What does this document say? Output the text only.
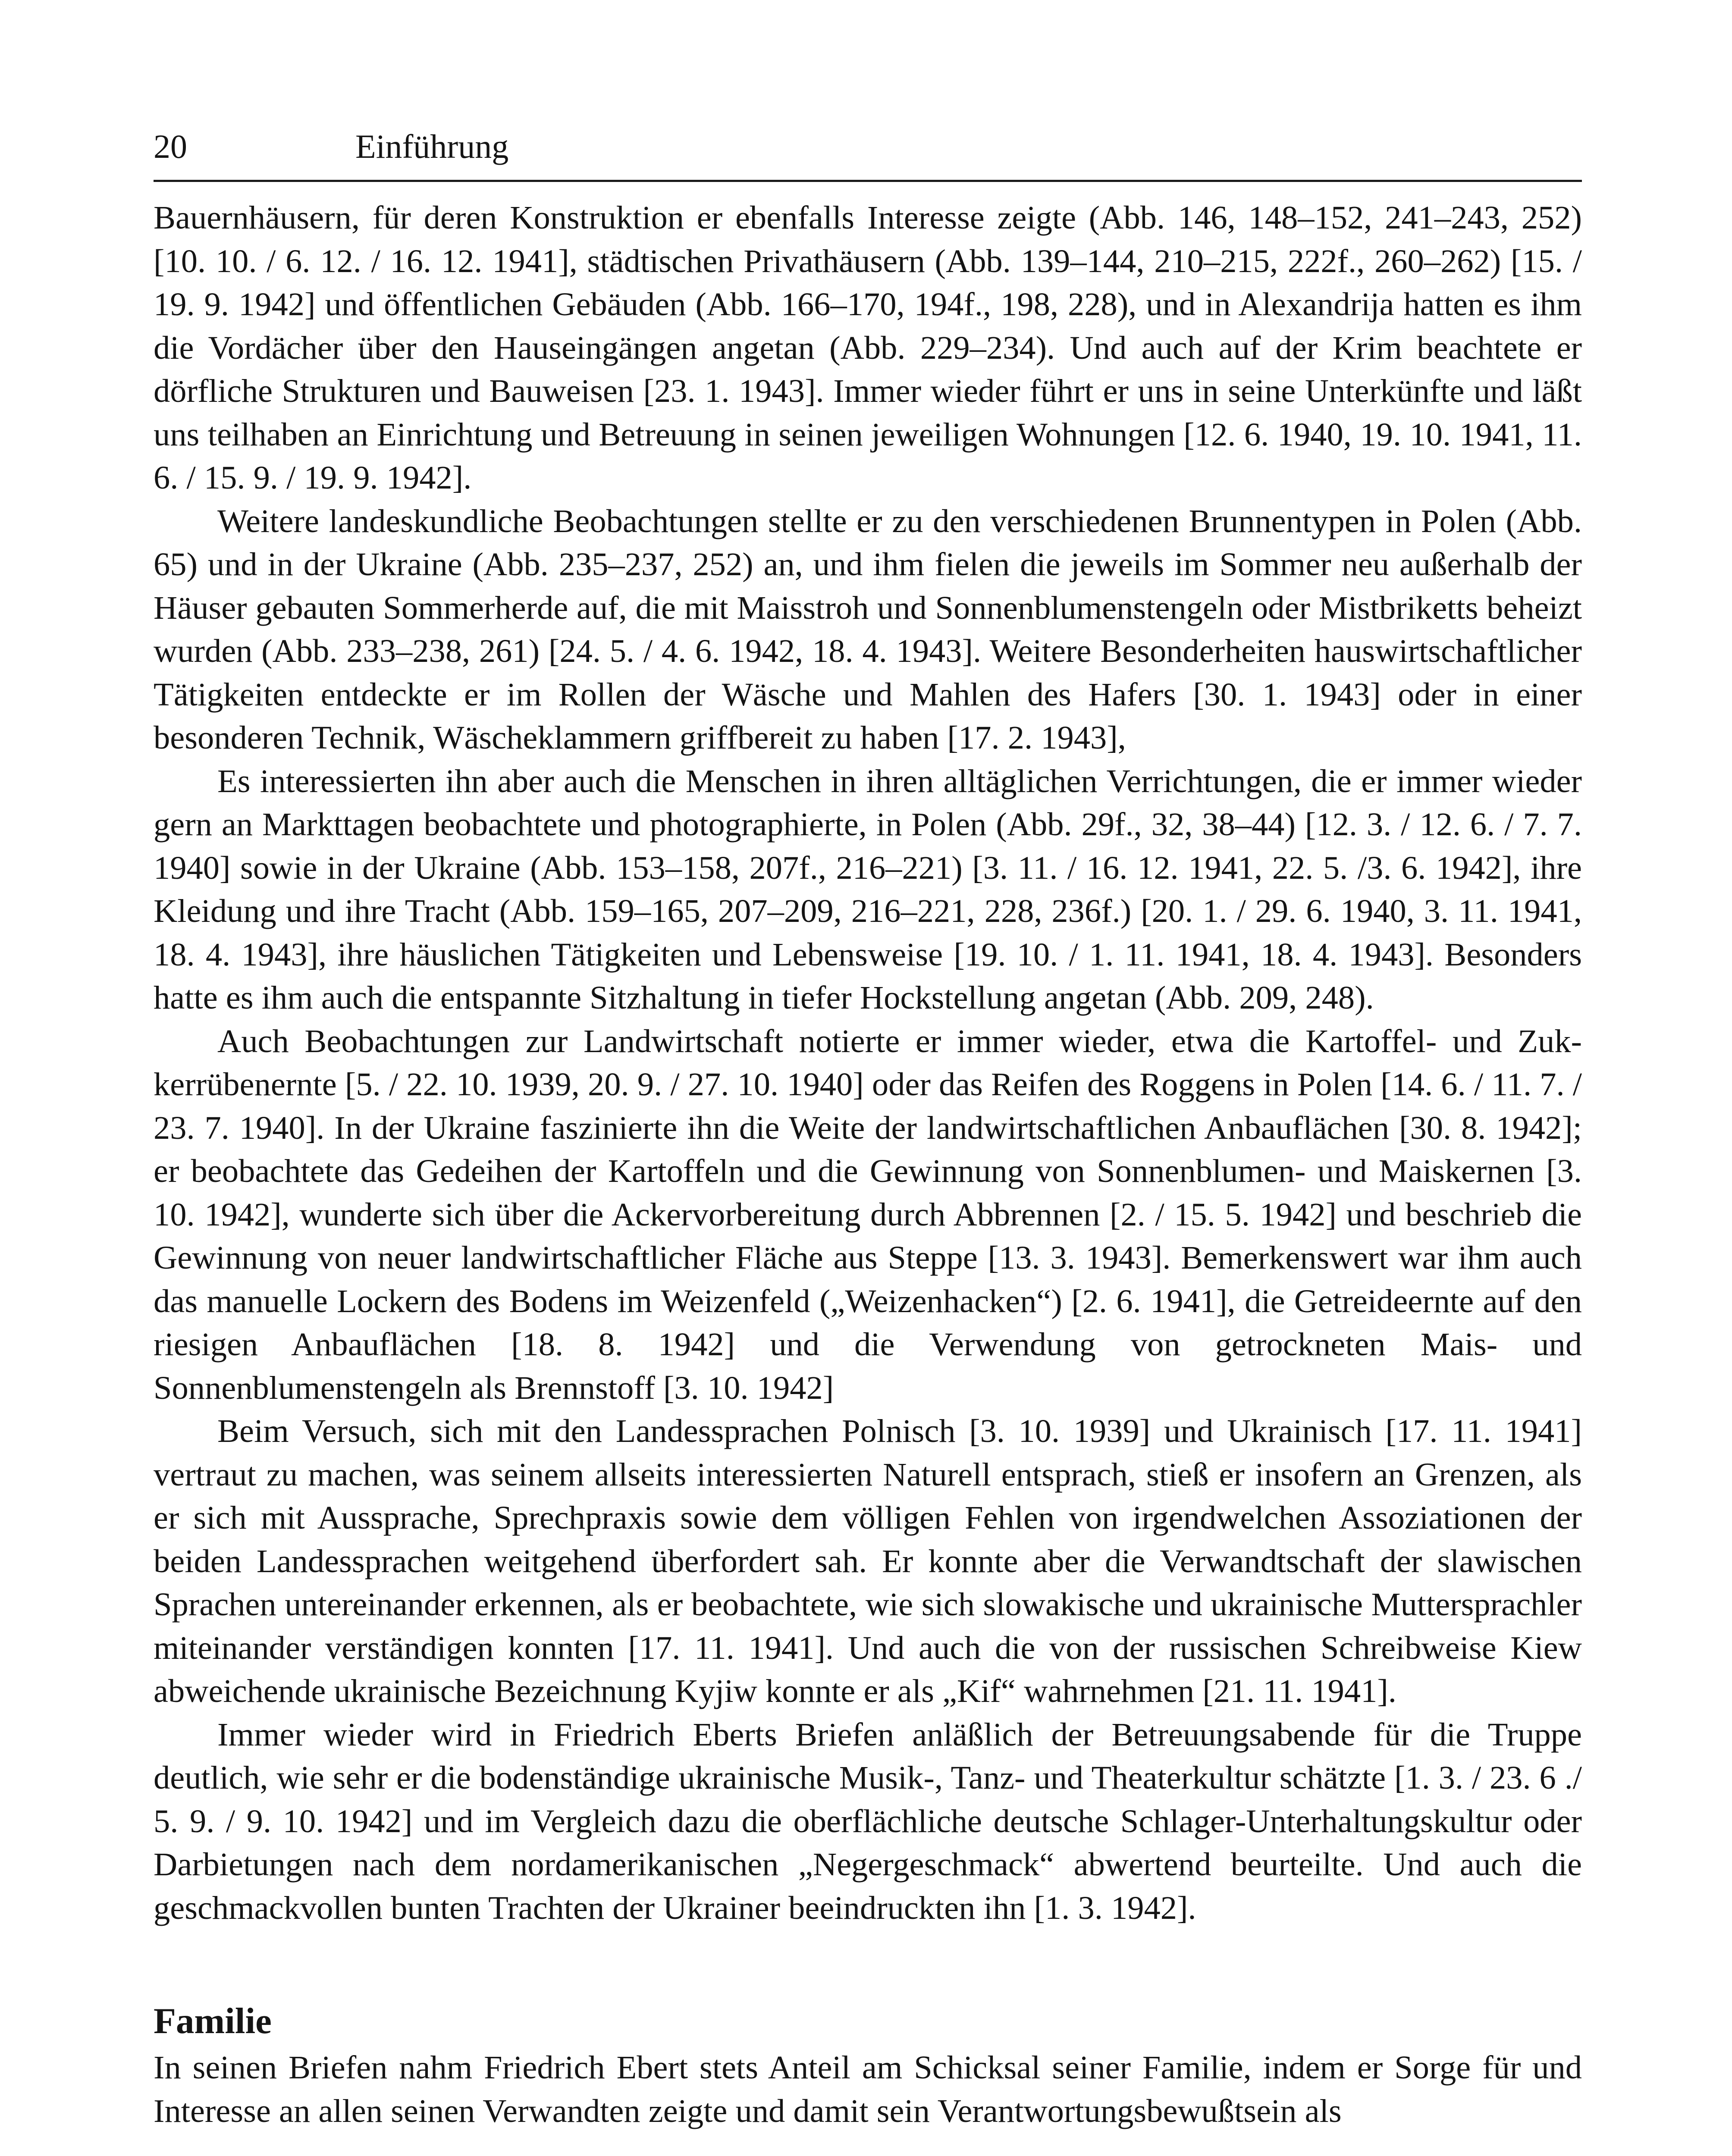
20	Einführung

Bauernhäusern, für deren Konstruktion er ebenfalls Interesse zeigte (Abb. 146, 148–152, 241–243, 252) [10. 10. / 6. 12. / 16. 12. 1941], städtischen Privathäusern (Abb. 139–144, 210–215, 222f., 260–262) [15. / 19. 9. 1942] und öffentlichen Gebäuden (Abb. 166–170, 194f., 198, 228), und in Alexandrija hatten es ihm die Vordächer über den Hauseingängen angetan (Abb. 229–234). Und auch auf der Krim beachtete er dörfliche Strukturen und Bauweisen [23. 1. 1943]. Immer wieder führt er uns in seine Unterkünfte und läßt uns teilhaben an Einrichtung und Betreuung in seinen jeweiligen Wohnungen [12. 6. 1940, 19. 10. 1941, 11. 6. / 15. 9. / 19. 9. 1942].

Weitere landeskundliche Beobachtungen stellte er zu den verschiedenen Brunnentypen in Polen (Abb. 65) und in der Ukraine (Abb. 235–237, 252) an, und ihm fielen die jeweils im Sommer neu außerhalb der Häuser gebauten Sommerherde auf, die mit Maisstroh und Sonnenblumenstengeln oder Mistbriketts beheizt wurden (Abb. 233–238, 261) [24. 5. / 4. 6. 1942, 18. 4. 1943]. Weitere Besonderheiten hauswirtschaftlicher Tätigkeiten entdeckte er im Rollen der Wäsche und Mahlen des Hafers [30. 1. 1943] oder in einer besonderen Technik, Wäscheklammern griffbereit zu haben [17. 2. 1943],

Es interessierten ihn aber auch die Menschen in ihren alltäglichen Verrichtungen, die er immer wieder gern an Markttagen beobachtete und photographierte, in Polen (Abb. 29f., 32, 38–44) [12. 3. / 12. 6. / 7. 7. 1940] sowie in der Ukraine (Abb. 153–158, 207f., 216–221) [3. 11. / 16. 12. 1941, 22. 5. /3. 6. 1942], ihre Kleidung und ihre Tracht (Abb. 159–165, 207–209, 216–221, 228, 236f.) [20. 1. / 29. 6. 1940, 3. 11. 1941, 18. 4. 1943], ihre häuslichen Tätigkeiten und Lebensweise [19. 10. / 1. 11. 1941, 18. 4. 1943]. Besonders hatte es ihm auch die entspannte Sitzhaltung in tiefer Hockstellung angetan (Abb. 209, 248).

Auch Beobachtungen zur Landwirtschaft notierte er immer wieder, etwa die Kartoffel- und Zukkerrübenernte [5. / 22. 10. 1939, 20. 9. / 27. 10. 1940] oder das Reifen des Roggens in Polen [14. 6. / 11. 7. / 23. 7. 1940]. In der Ukraine faszinierte ihn die Weite der landwirtschaftlichen Anbauflächen [30. 8. 1942]; er beobachtete das Gedeihen der Kartoffeln und die Gewinnung von Sonnenblumen- und Maiskernen [3. 10. 1942], wunderte sich über die Ackervorbereitung durch Abbrennen [2. / 15. 5. 1942] und beschrieb die Gewinnung von neuer landwirtschaftlicher Fläche aus Steppe [13. 3. 1943]. Bemerkenswert war ihm auch das manuelle Lockern des Bodens im Weizenfeld („Weizenhacken“) [2. 6. 1941], die Getreideernte auf den riesigen Anbauflächen [18. 8. 1942] und die Verwendung von getrockneten Mais- und Sonnenblumenstengeln als Brennstoff [3. 10. 1942]

Beim Versuch, sich mit den Landessprachen Polnisch [3. 10. 1939] und Ukrainisch [17. 11. 1941] vertraut zu machen, was seinem allseits interessierten Naturell entsprach, stieß er insofern an Grenzen, als er sich mit Aussprache, Sprechpraxis sowie dem völligen Fehlen von irgendwelchen Assoziationen der beiden Landessprachen weitgehend überfordert sah. Er konnte aber die Verwandtschaft der slawischen Sprachen untereinander erkennen, als er beobachtete, wie sich slowakische und ukrainische Muttersprachler miteinander verständigen konnten [17. 11. 1941]. Und auch die von der russischen Schreibweise Kiew abweichende ukrainische Bezeichnung Kyjiw konnte er als „Kif“ wahrnehmen [21. 11. 1941].

Immer wieder wird in Friedrich Eberts Briefen anläßlich der Betreuungsabende für die Truppe deutlich, wie sehr er die bodenständige ukrainische Musik-, Tanz- und Theaterkultur schätzte [1. 3. / 23. 6 ./ 5. 9. / 9. 10. 1942] und im Vergleich dazu die oberflächliche deutsche Schlager-Unterhaltungskultur oder Darbietungen nach dem nordamerikanischen „Negergeschmack“ abwertend beurteilte. Und auch die geschmackvollen bunten Trachten der Ukrainer beeindruckten ihn [1. 3. 1942].

Familie

In seinen Briefen nahm Friedrich Ebert stets Anteil am Schicksal seiner Familie, indem er Sorge für und Interesse an allen seinen Verwandten zeigte und damit sein Verantwortungsbewußtsein als
